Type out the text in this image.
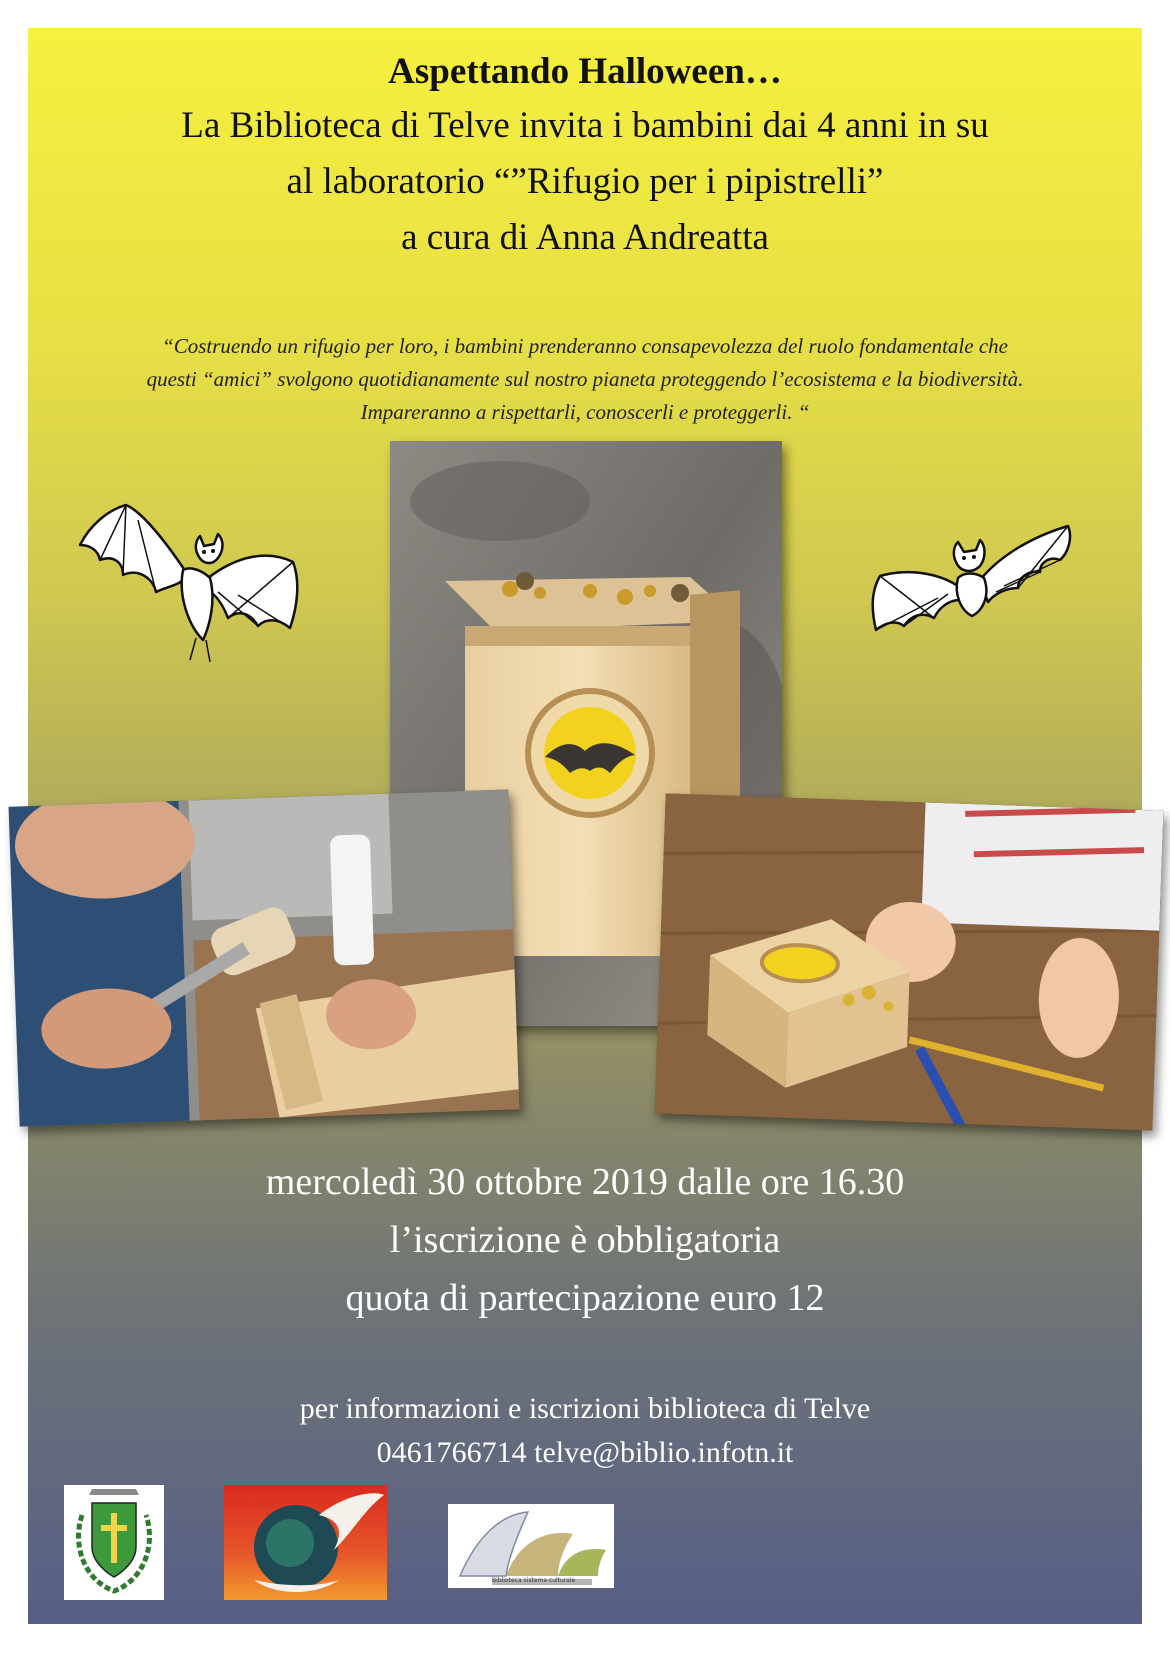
Aspettando Halloween…
La Biblioteca di Telve invita i bambini dai 4 anni in su
al laboratorio “”Rifugio per i pipistrelli”
a cura di Anna Andreatta
“Costruendo un rifugio per loro, i bambini prenderanno consapevolezza del ruolo fondamentale che
questi “amici” svolgono quotidianamente sul nostro pianeta proteggendo l’ecosistema e la biodiversità.
Impareranno a rispettarli, conoscerli e proteggerli. “
mercoledì 30 ottobre 2019 dalle ore 16.30
l’iscrizione è obbligatoria
quota di partecipazione euro 12
per informazioni e iscrizioni biblioteca di Telve
0461766714 telve@biblio.infotn.it
Biblioteca sistema culturale
